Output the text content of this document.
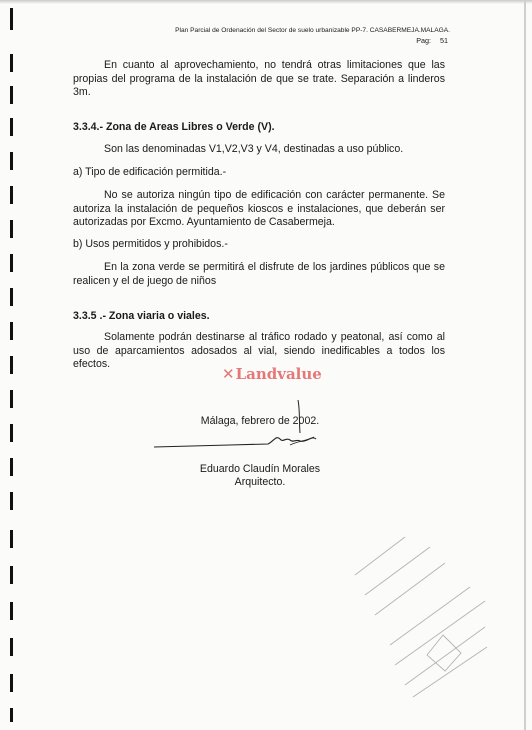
Plan Parcial de Ordenación del Sector de suelo urbanizable PP-7. CASABERMEJA.MALAGA.
Pag: 51
En cuanto al aprovechamiento, no tendrá otras limitaciones que las propias del programa de la instalación de que se trate. Separación a linderos 3m.
3.3.4.- Zona de Areas Libres o Verde (V).
Son las denominadas V1,V2,V3 y V4, destinadas a uso público.
a) Tipo de edificación permitida.-
No se autoriza ningún tipo de edificación con carácter permanente. Se autoriza la instalación de pequeños kioscos e instalaciones, que deberán ser autorizadas por Excmo. Ayuntamiento de Casabermeja.
b) Usos permitidos y prohibidos.-
En la zona verde se permitirá el disfrute de los jardines públicos que se realicen y el de juego de niños
3.3.5 .- Zona viaria o viales.
Solamente podrán destinarse al tráfico rodado y peatonal, así como al uso de aparcamientos adosados al vial, siendo inedificables a todos los efectos.
✕Landvalue
Málaga, febrero de 2002.
Eduardo Claudín Morales
Arquitecto.
